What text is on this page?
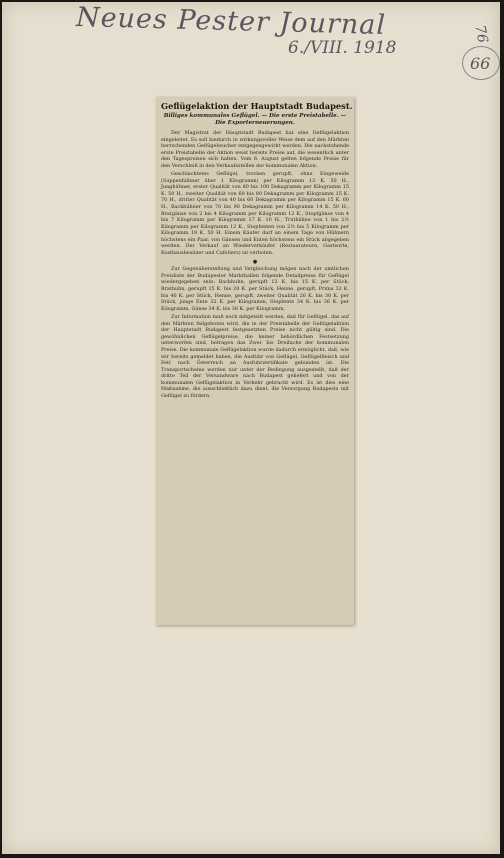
Neues Pester Journal
6./VIII. 1918
76
66
Geflügelaktion der Hauptstadt Budapest.
Billiges kommunales Geflügel. — Die erste Preistabelle. — Die Exporterneuerungen.

Der Magistrat der Hauptstadt Budapest hat eine Geflügelaktion eingeleitet. Es soll hiedurch in wirkungsvoller Weise dem auf den Märkten herrschenden Geflügelwucher entgegengewirkt werden. Die nachstehende erste Preistabelle der Aktion weist bereits Preise auf, die wesentlich unter den Tagespreisen sich halten. Vom 6. August gelten folgende Preise für den Verschleiß in den Verkaufsstellen der kommunalen Aktion:

Geschlachtetes Geflügel, trocken gerupft, ohne Eingeweide (Suppenhühner über 1 Kilogramm) per Kilogramm 13 K. 50 H., Junghühner, erster Qualität von 80 bis 100 Dekagramm per Kilogramm 15 K. 50 H., zweiter Qualität von 60 bis 80 Dekagramm per Kilogramm 15 K. 70 H., dritter Qualität von 40 bis 60 Dekagramm per Kilogramm 15 K. 60 H., Backhühner von 70 bis 90 Dekagramm per Kilogramm 14 K. 50 H., Bratgänse von 2 bis 4 Kilogramm per Kilogramm 12 K., Stopfgänse von 4 bis 7 Kilogramm per Kilogramm 17 K. 10 H., Truthähne von 1 bis 2½ Kilogramm per Kilogramm 12 K., Stopfenten von 2½ bis 5 Kilogramm per Kilogramm 18 K. 50 H. Einem Käufer darf an einem Tage von Hühnern höchstens ein Paar, von Gänsen und Enten höchstens ein Stück abgegeben werden. Der Verkauf an Wiederverkäufer (Restaurateure, Gastwirte, Kosthausbesitzer und Cafetiers) ist verboten.

●

Zur Gegenüberstellung und Vergleichung mögen nach der amtlichen Preisliste der Budapester Markthallen folgende Detailpreise für Geflügel wiedergegeben sein: Backhuhn, gerupft 12 K. bis 15 K. per Stück, Brathuhn, gerupft 15 K. bis 20 K. per Stück, Henne, gerupft, Prima 32 K. bis 40 K. per Stück, Henne, gerupft, zweiter Qualität 26 K. bis 30 K. per Stück, junge Ente 32 K. per Kilogramm, Stopfente 34 K. bis 36 K. per Kilogramm, Gänse 34 K. bis 36 K. per Kilogramm.

Zur Information muß noch mitgeteilt werden, daß für Geflügel, das auf den Märkten feilgeboten wird, die in der Preistabelle der Geflügelaktion der Hauptstadt Budapest festgesetzten Preise nicht gültig sind. Die gewöhnlichen Geflügelpreise, die keiner behördlichen Festsetzung unterworfen sind, betragen das Zwei- bis Dreifache der kommunalen Preise. Die kommunale Geflügelaktion wurde dadurch ermöglicht, daß, wie wir bereits gemeldet haben, die Ausfuhr von Geflügel, Geflügelfleisch und Fett nach Österreich an Ausfuhrzertifikate gebunden ist. Die Transportscheine werden nur unter der Bedingung ausgestellt, daß der dritte Teil der Versandware nach Budapest geliefert und von der kommunalen Geflügelaktion in Verkehr gebracht wird. Es ist dies eine Maßnahme, die ausschließlich dazu dient, die Versorgung Budapests mit Geflügel zu fördern.
